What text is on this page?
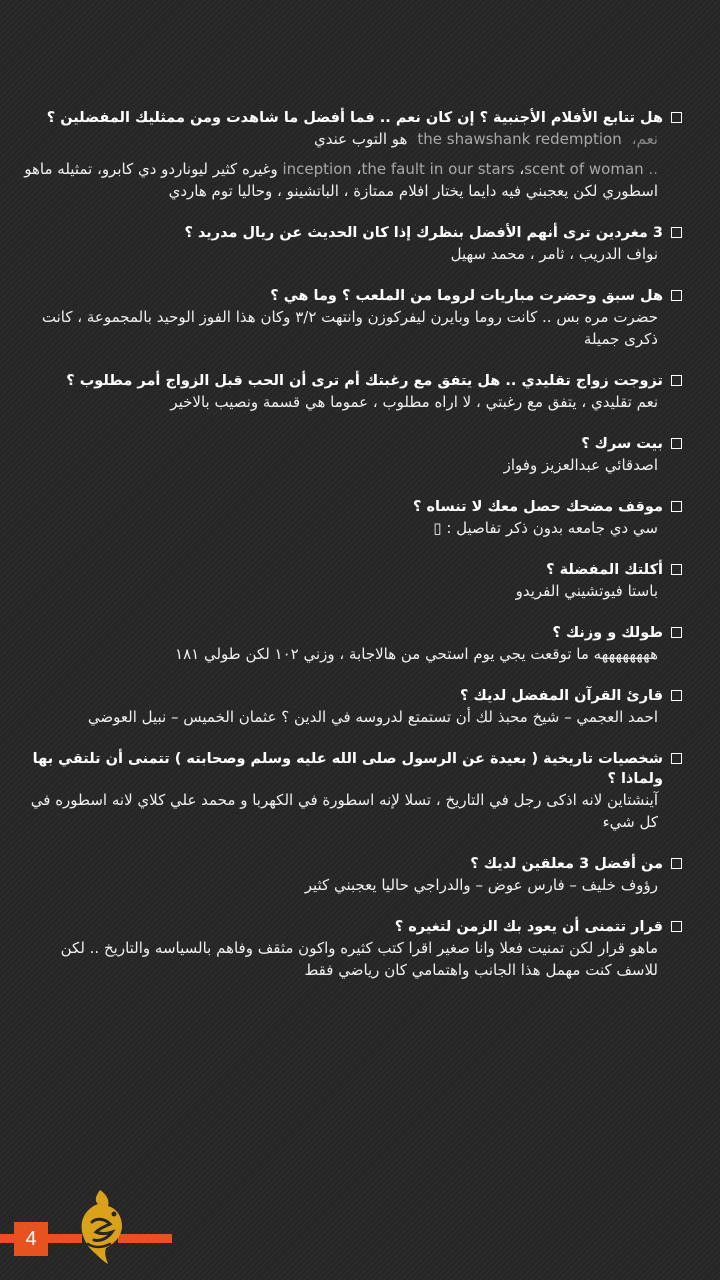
هل تتابع الأفلام الأجنبية ؟ إن كان نعم .. فما أفضل ما شاهدت ومن ممثليك المفضلين ؟
نعم،
the shawshank redemption
هو التوب عندي
.. scent of woman، the fault in our stars، inception وغيره كثير ليوناردو دي كابرو، تمثيله ماهو اسطوري لكن يعجبني فيه دايما يختار افلام ممتازة ، الباتشينو ، وحاليا توم هاردي
3 مغردين ترى أنهم الأفضل بنظرك إذا كان الحديث عن ريال مدريد ؟
نواف الدريب ، ثامر ، محمد سهيل
هل سبق وحضرت مباريات لروما من الملعب ؟ وما هي ؟
حضرت مره بس .. كانت روما وبايرن ليفركوزن وانتهت ٣/٢ وكان هذا الفوز الوحيد بالمجموعة ، كانت ذكرى جميلة
تزوجت زواج تقليدي .. هل يتفق مع رغبتك أم ترى أن الحب قبل الزواج أمر مطلوب ؟
نعم تقليدي ، يتفق مع رغبتي ، لا اراه مطلوب ، عموما هي قسمة ونصيب بالاخير
بيت سرك ؟
اصدقائي عبدالعزيز وفواز
موقف مضحك حصل معك لا تنساه ؟
سي دي جامعه بدون ذكر تفاصيل : ▯
أكلتك المفضلة ؟
باستا فيوتشيني الفريدو
طولك و وزنك ؟
ههههههههه ما توقعت يجي يوم استحي من هالاجابة ، وزني ١٠٢ لكن طولي ١٨١
قارئ القرآن المفضل لديك ؟
احمد العجمي – شيخ محبذ لك أن تستمتع لدروسه في الدين ؟ عثمان الخميس – نبيل العوضي
شخصيات تاريخية ( بعيدة عن الرسول صلى الله عليه وسلم وصحابته ) تتمنى أن تلتقي بها ولماذا ؟
آينشتاين لانه اذكى رجل في التاريخ ، تسلا لإنه اسطورة في الكهربا و محمد علي كلاي لانه اسطوره في كل شيء
من أفضل 3 معلقين لديك ؟
رؤوف خليف – فارس عوض – والدراجي حاليا يعجبني كثير
قرار تتمنى أن يعود بك الزمن لتغيره ؟
ماهو قرار لكن تمنيت فعلا وانا صغير اقرا كتب كثيره واكون مثقف وفاهم بالسياسه والتاريخ .. لكن للاسف كنت مهمل هذا الجانب واهتمامي كان رياضي فقط
4
